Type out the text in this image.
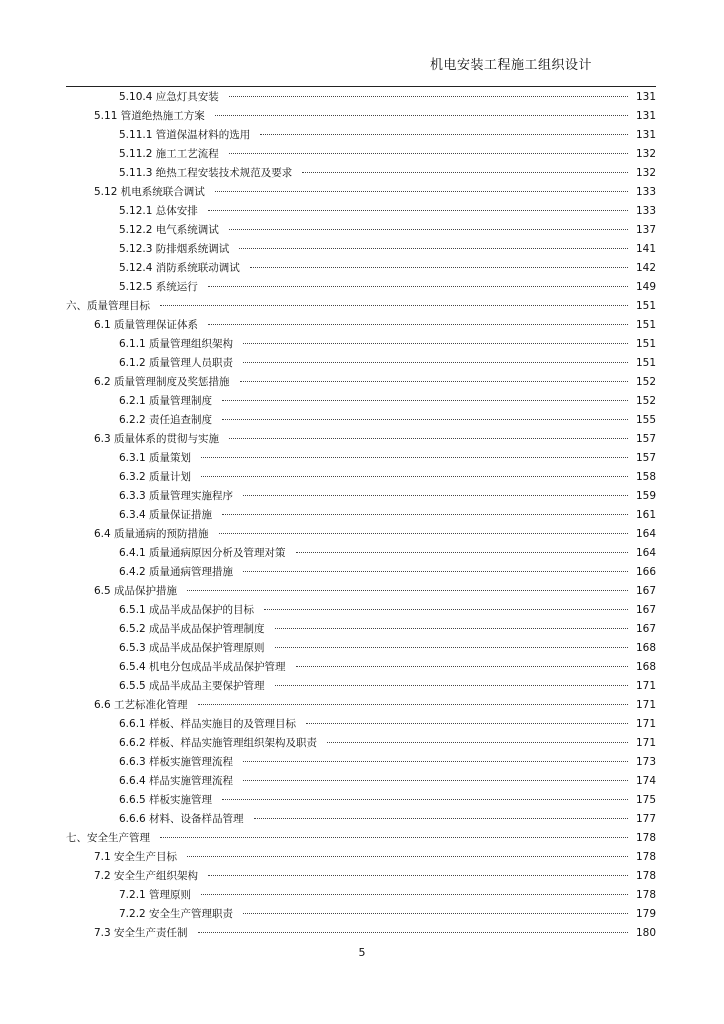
机电安装工程施工组织设计
5.10.4 应急灯具安装	131
5.11 管道绝热施工方案	131
5.11.1 管道保温材料的选用	131
5.11.2 施工工艺流程	132
5.11.3 绝热工程安装技术规范及要求	132
5.12 机电系统联合调试	133
5.12.1 总体安排	133
5.12.2 电气系统调试	137
5.12.3 防排烟系统调试	141
5.12.4 消防系统联动调试	142
5.12.5 系统运行	149
六、质量管理目标	151
6.1 质量管理保证体系	151
6.1.1 质量管理组织架构	151
6.1.2 质量管理人员职责	151
6.2 质量管理制度及奖惩措施	152
6.2.1 质量管理制度	152
6.2.2 责任追查制度	155
6.3 质量体系的贯彻与实施	157
6.3.1 质量策划	157
6.3.2 质量计划	158
6.3.3 质量管理实施程序	159
6.3.4 质量保证措施	161
6.4 质量通病的预防措施	164
6.4.1 质量通病原因分析及管理对策	164
6.4.2 质量通病管理措施	166
6.5 成品保护措施	167
6.5.1 成品半成品保护的目标	167
6.5.2 成品半成品保护管理制度	167
6.5.3 成品半成品保护管理原则	168
6.5.4 机电分包成品半成品保护管理	168
6.5.5 成品半成品主要保护管理	171
6.6 工艺标准化管理	171
6.6.1 样板、样品实施目的及管理目标	171
6.6.2 样板、样品实施管理组织架构及职责	171
6.6.3 样板实施管理流程	173
6.6.4 样品实施管理流程	174
6.6.5 样板实施管理	175
6.6.6 材料、设备样品管理	177
七、安全生产管理	178
7.1 安全生产目标	178
7.2 安全生产组织架构	178
7.2.1 管理原则	178
7.2.2 安全生产管理职责	179
7.3 安全生产责任制	180
5
